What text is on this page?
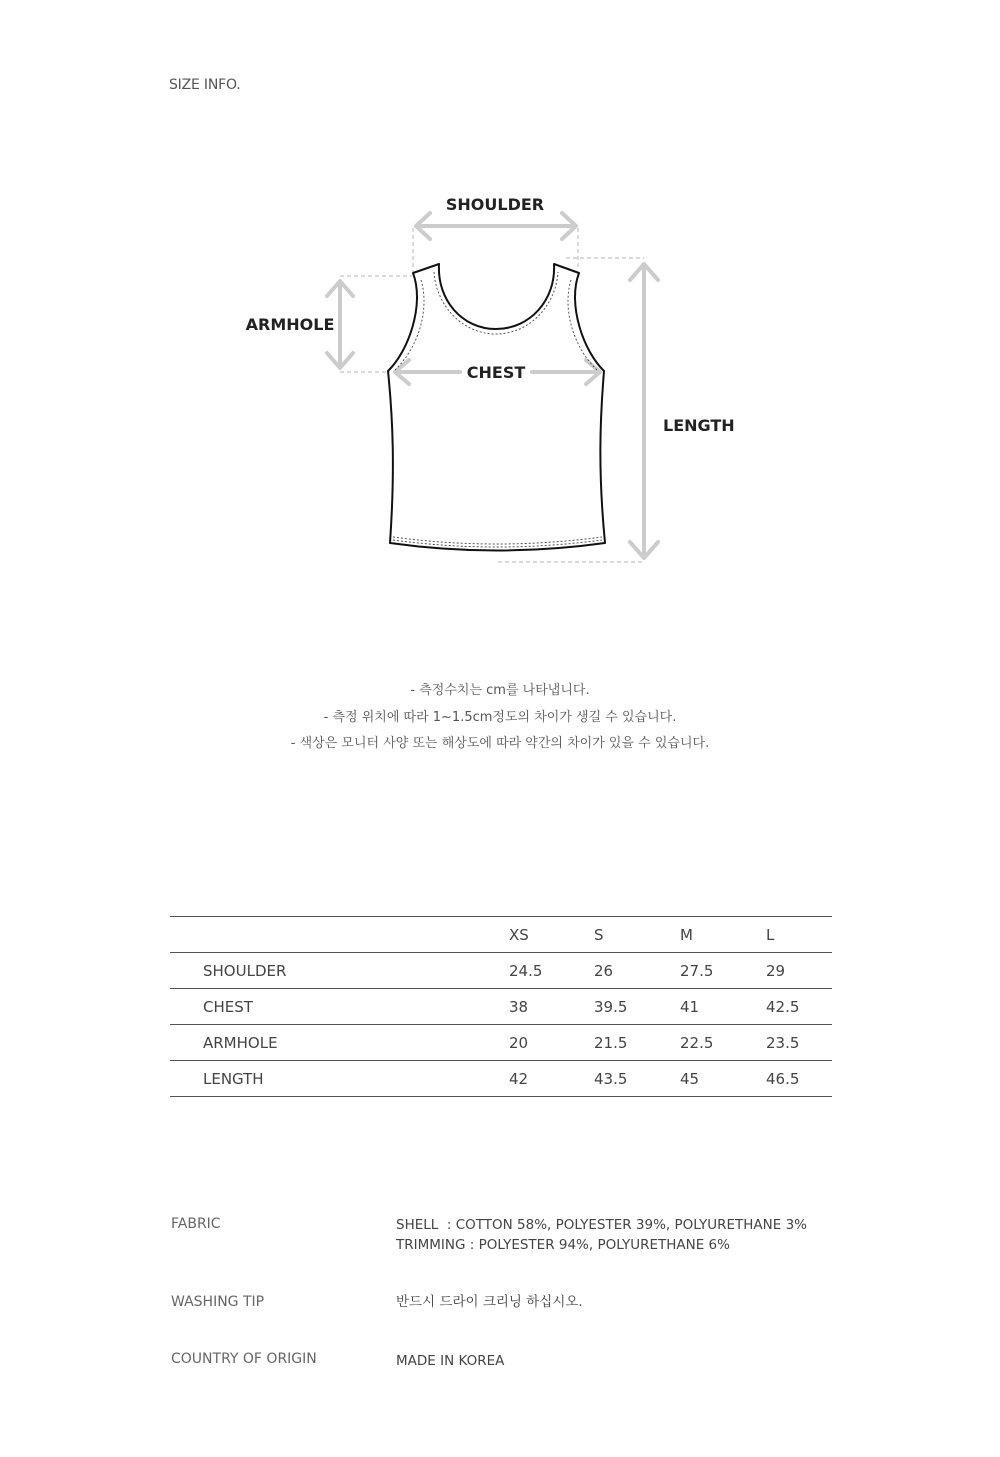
SIZE INFO.
SHOULDER
ARMHOLE
CHEST
LENGTH
- 측정수치는 cm를 나타냅니다.
- 측정 위치에 따라 1~1.5cm정도의 차이가 생길 수 있습니다.
- 색상은 모니터 사양 또는 해상도에 따라 약간의 차이가 있을 수 있습니다.
	XS	S	M	L
SHOULDER	24.5	26	27.5	29
CHEST	38	39.5	41	42.5
ARMHOLE	20	21.5	22.5	23.5
LENGTH	42	43.5	45	46.5
FABRIC	SHELL  : COTTON 58%, POLYESTER 39%, POLYURETHANE 3%
TRIMMING : POLYESTER 94%, POLYURETHANE 6%
WASHING TIP	반드시 드라이 크리닝 하십시오.
COUNTRY OF ORIGIN	MADE IN KOREA
